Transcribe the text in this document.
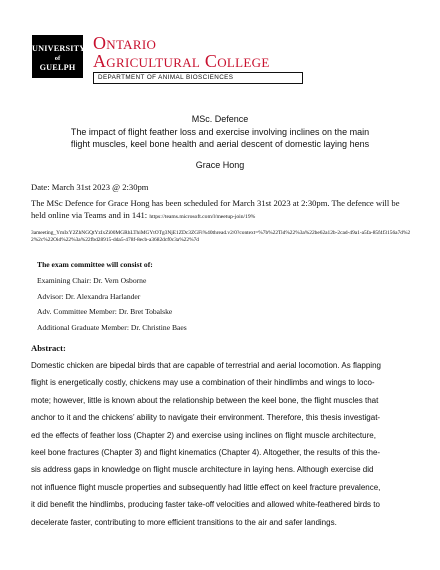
UNIVERSITY
of
GUELPH
Ontario
Agricultural College
DEPARTMENT OF ANIMAL BIOSCIENCES
MSc. Defence
The impact of flight feather loss and exercise involving inclines on the main
flight muscles, keel bone health and aerial descent of domestic laying hens
Grace Hong
Date: March 31st 2023 @ 2:30pm
The MSc Defence for Grace Hong has been scheduled for March 31st 2023 at 2:30pm. The defence will be held online via Teams and in 141: https://teams.microsoft.com/l/meetup-join/19%
3ameeting_YmIxY2ZhNGQtYzIxZi00MGRhLThiMGYtOTg3NjE1ZDc3ZGFi%40thread.v2/0?context=%7b%22Tid%22%3a%22be62a12b-2cad-49a1-a5fa-85f4f3156a7d%22%2c%22Oid%22%3a%22fbd28915-dda5-478f-8ecb-a3682dcf0c3a%22%7d
The exam committee will consist of:
Examining Chair: Dr. Vern Osborne
Advisor: Dr. Alexandra Harlander
Adv. Committee Member: Dr. Bret Tobalske
Additional Graduate Member: Dr. Christine Baes
Abstract:
Domestic chicken are bipedal birds that are capable of terrestrial and aerial locomotion. As flapping
flight is energetically costly, chickens may use a combination of their hindlimbs and wings to loco-
mote; however, little is known about the relationship between the keel bone, the flight muscles that
anchor to it and the chickens’ ability to navigate their environment. Therefore, this thesis investigat-
ed the effects of feather loss (Chapter 2) and exercise using inclines on flight muscle architecture,
keel bone fractures (Chapter 3) and flight kinematics (Chapter 4). Altogether, the results of this the-
sis address gaps in knowledge on flight muscle architecture in laying hens. Although exercise did
not influence flight muscle properties and subsequently had little effect on keel fracture prevalence,
it did benefit the hindlimbs, producing faster take-off velocities and allowed white-feathered birds to
decelerate faster, contributing to more efficient transitions to the air and safer landings.
